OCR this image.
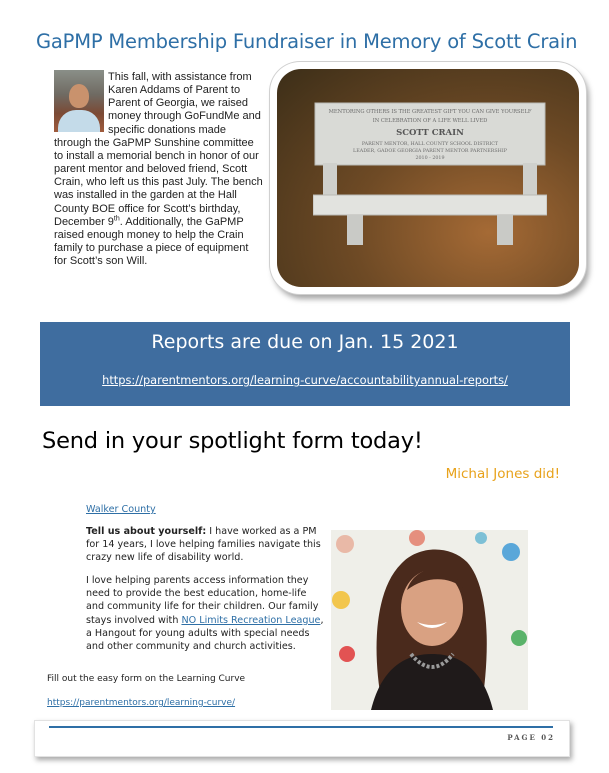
GaPMP Membership Fundraiser in Memory of Scott Crain

This fall, with assistance from Karen Addams of Parent to Parent of Georgia, we raised money through GoFundMe and specific donations made through the GaPMP Sunshine committee to install a memorial bench in honor of our parent mentor and beloved friend, Scott Crain, who left us this past July. The bench was installed in the garden at the Hall County BOE office for Scott’s birthday, December 9th. Additionally, the GaPMP raised enough money to help the Crain family to purchase a piece of equipment for Scott’s son Will.

MENTORING OTHERS IS THE GREATEST GIFT YOU CAN GIVE YOURSELF
IN CELEBRATION OF A LIFE WELL LIVED
SCOTT CRAIN
PARENT MENTOR, HALL COUNTY SCHOOL DISTRICT
LEADER, GADOE GEORGIA PARENT MENTOR PARTNERSHIP
2010 - 2019
Reports are due on Jan. 15 2021
https://parentmentors.org/learning-curve/accountabilityannual-reports/
Send in your spotlight form today!
Michal Jones did!
Walker County

Tell us about yourself: I have worked as a PM for 14 years, I love helping families navigate this crazy new life of disability world.

I love helping parents access information they need to provide the best education, home-life and community life for their children. Our family stays involved with NO Limits Recreation League, a Hangout for young adults with special needs and other community and church activities.

Fill out the easy form on the Learning Curve
https://parentmentors.org/learning-curve/
PAGE 02
